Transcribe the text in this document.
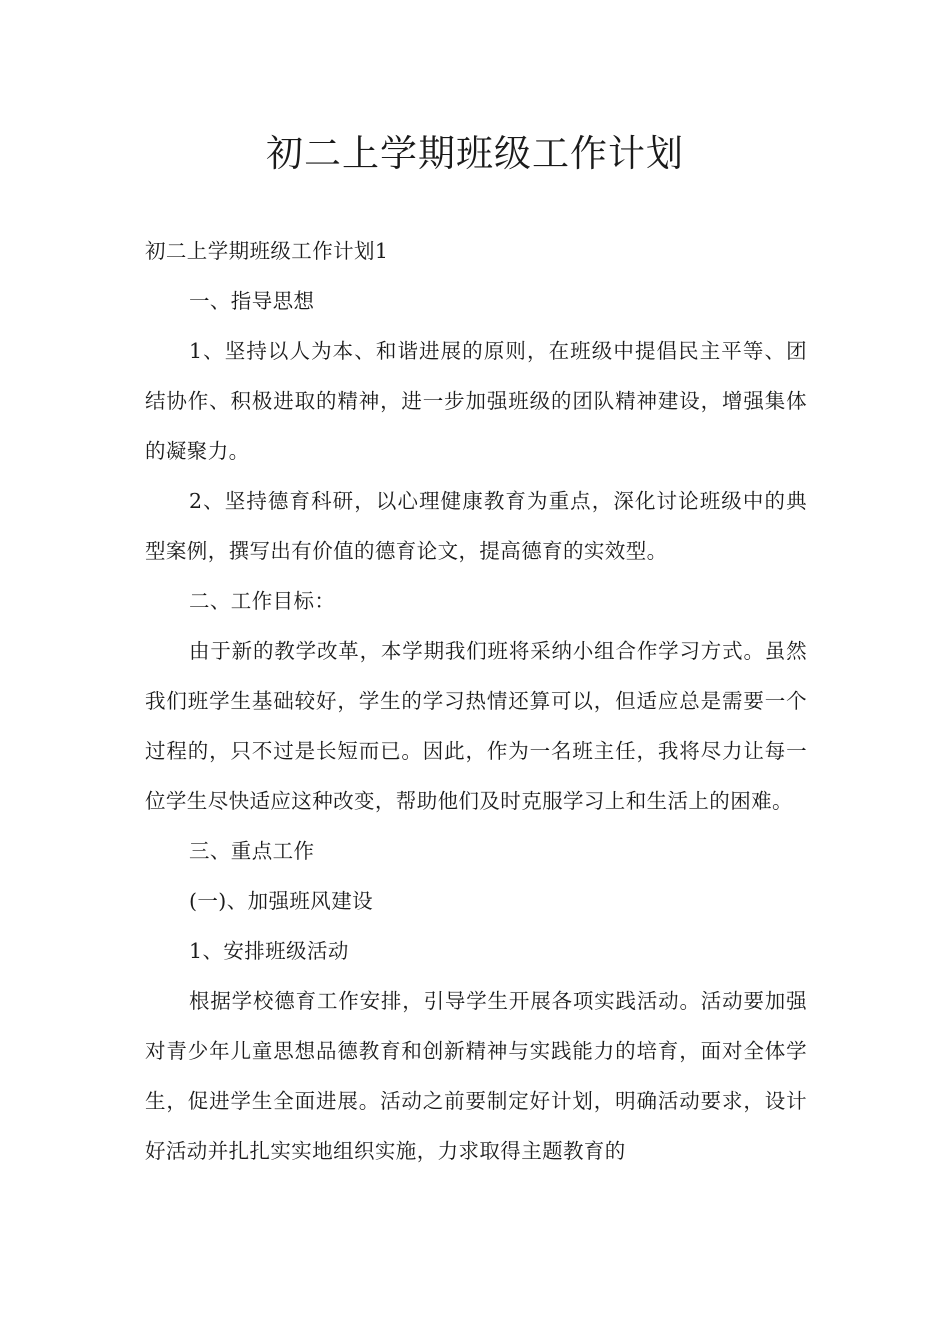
初二上学期班级工作计划

初二上学期班级工作计划1

一、指导思想

1、坚持以人为本、和谐进展的原则，在班级中提倡民主平等、团结协作、积极进取的精神，进一步加强班级的团队精神建设，增强集体的凝聚力。

2、坚持德育科研，以心理健康教育为重点，深化讨论班级中的典型案例，撰写出有价值的德育论文，提高德育的实效型。

二、工作目标：

由于新的教学改革，本学期我们班将采纳小组合作学习方式。虽然我们班学生基础较好，学生的学习热情还算可以，但适应总是需要一个过程的，只不过是长短而已。因此，作为一名班主任，我将尽力让每一位学生尽快适应这种改变，帮助他们及时克服学习上和生活上的困难。

三、重点工作

(一)、加强班风建设

1、安排班级活动

根据学校德育工作安排，引导学生开展各项实践活动。活动要加强对青少年儿童思想品德教育和创新精神与实践能力的培育，面对全体学生，促进学生全面进展。活动之前要制定好计划，明确活动要求，设计好活动并扎扎实实地组织实施，力求取得主题教育的
